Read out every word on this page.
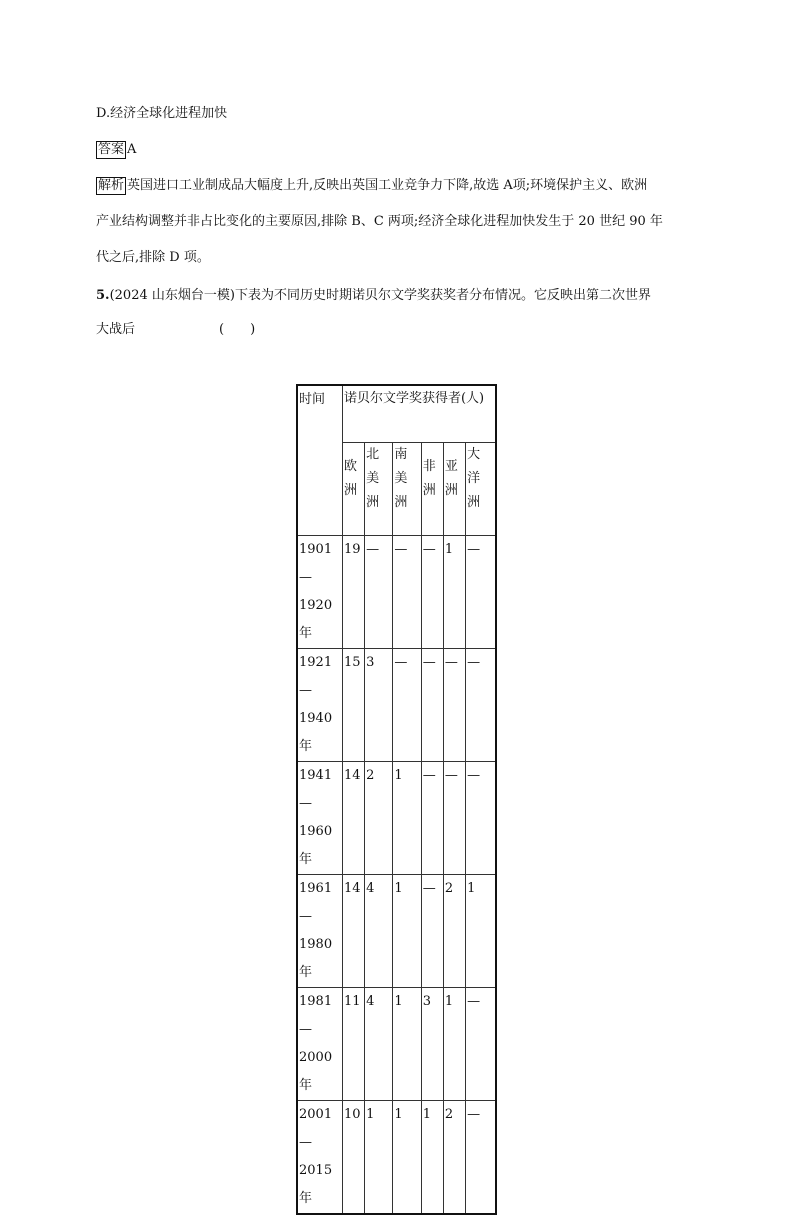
D.经济全球化进程加快
答案 A
解析 英国进口工业制成品大幅度上升,反映出英国工业竞争力下降,故选 A项;环境保护主义、欧洲
产业结构调整并非占比变化的主要原因,排除 B、C 两项;经济全球化进程加快发生于 20 世纪 90 年
代之后,排除 D 项。
5.(2024 山东烟台一模)下表为不同历史时期诺贝尔文学奖获奖者分布情况。它反映出第二次世界
大战后	(　　)
时间	诺贝尔文学奖获得者(人)					

	欧
洲	北
美
洲	南
美
洲	非
洲	亚
洲	大
洋
洲

1901—
1920
年	19	—	—	—	1	—

1921—
1940
年	15	3	—	—	—	—

1941—
1960
年	14	2	1	—	—	—

1961—
1980
年	14	4	1	—	2	1

1981—
2000
年	11	4	1	3	1	—

2001—
2015
年	10	1	1	1	2	—
